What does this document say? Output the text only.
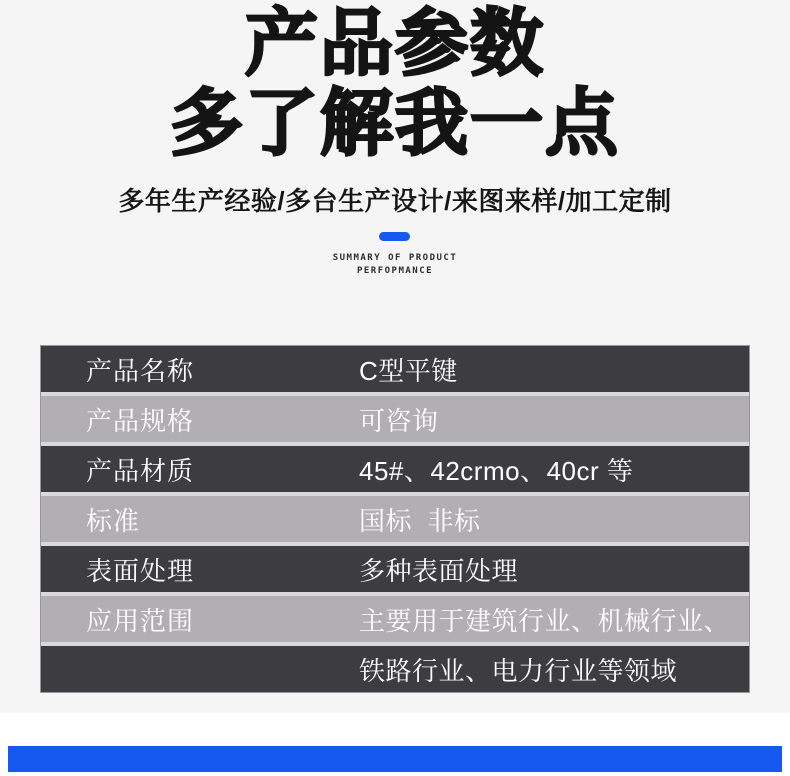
产品参数
多了解我一点
多年生产经验/多台生产设计/来图来样/加工定制
SUMMARY OF PRODUCT
PERFOPMANCE
产品名称	C型平键
产品规格	可咨询
产品材质	45#、42crmo、40cr 等
标准	国标  非标
表面处理	多种表面处理
应用范围	主要用于建筑行业、机械行业、
铁路行业、电力行业等领域
